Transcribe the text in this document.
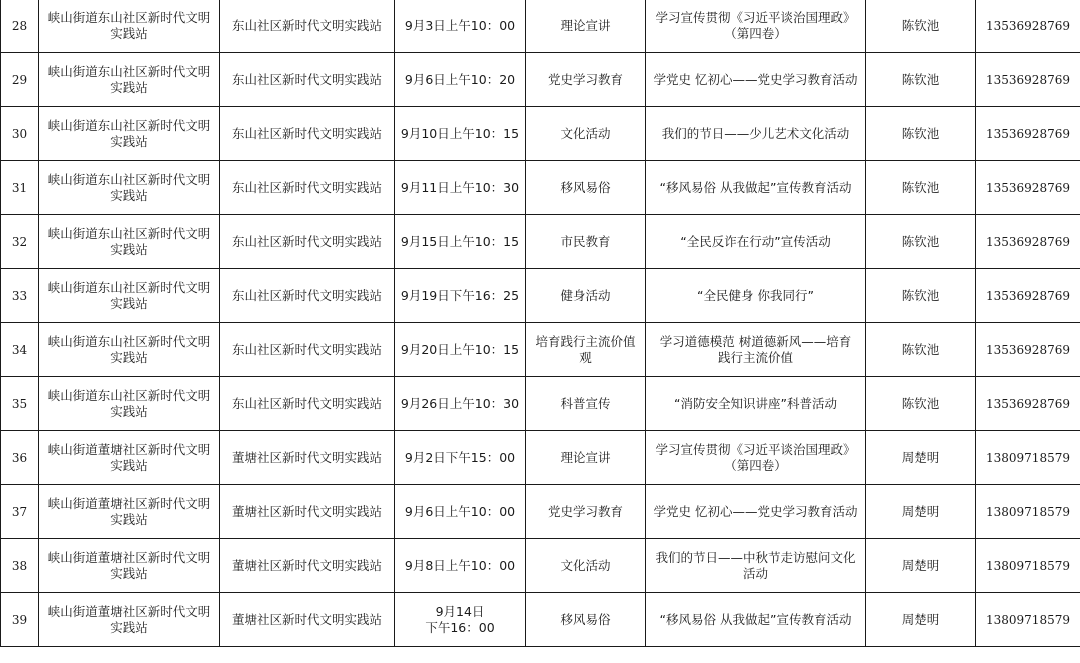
28	峡山街道东山社区新时代文明实践站	东山社区新时代文明实践站	9月3日上午10：00	理论宣讲	学习宣传贯彻《习近平谈治国理政》
（第四卷）	陈钦池	13536928769
29	峡山街道东山社区新时代文明实践站	东山社区新时代文明实践站	9月6日上午10：20	党史学习教育	学党史 忆初心——党史学习教育活动	陈钦池	13536928769
30	峡山街道东山社区新时代文明实践站	东山社区新时代文明实践站	9月10日上午10：15	文化活动	我们的节日——少儿艺术文化活动	陈钦池	13536928769
31	峡山街道东山社区新时代文明实践站	东山社区新时代文明实践站	9月11日上午10：30	移风易俗	“移风易俗 从我做起”宣传教育活动	陈钦池	13536928769
32	峡山街道东山社区新时代文明实践站	东山社区新时代文明实践站	9月15日上午10：15	市民教育	“全民反诈在行动”宣传活动	陈钦池	13536928769
33	峡山街道东山社区新时代文明实践站	东山社区新时代文明实践站	9月19日下午16：25	健身活动	“全民健身 你我同行”	陈钦池	13536928769
34	峡山街道东山社区新时代文明实践站	东山社区新时代文明实践站	9月20日上午10：15	培育践行主流价值
观	学习道德模范 树道德新风——培育
践行主流价值	陈钦池	13536928769
35	峡山街道东山社区新时代文明实践站	东山社区新时代文明实践站	9月26日上午10：30	科普宣传	“消防安全知识讲座”科普活动	陈钦池	13536928769
36	峡山街道董塘社区新时代文明实践站	董塘社区新时代文明实践站	9月2日下午15：00	理论宣讲	学习宣传贯彻《习近平谈治国理政》
（第四卷）	周楚明	13809718579
37	峡山街道董塘社区新时代文明实践站	董塘社区新时代文明实践站	9月6日上午10：00	党史学习教育	学党史 忆初心——党史学习教育活动	周楚明	13809718579
38	峡山街道董塘社区新时代文明实践站	董塘社区新时代文明实践站	9月8日上午10：00	文化活动	我们的节日——中秋节走访慰问文化
活动	周楚明	13809718579
39	峡山街道董塘社区新时代文明实践站	董塘社区新时代文明实践站	9月14日
下午16：00	移风易俗	“移风易俗 从我做起”宣传教育活动	周楚明	13809718579
